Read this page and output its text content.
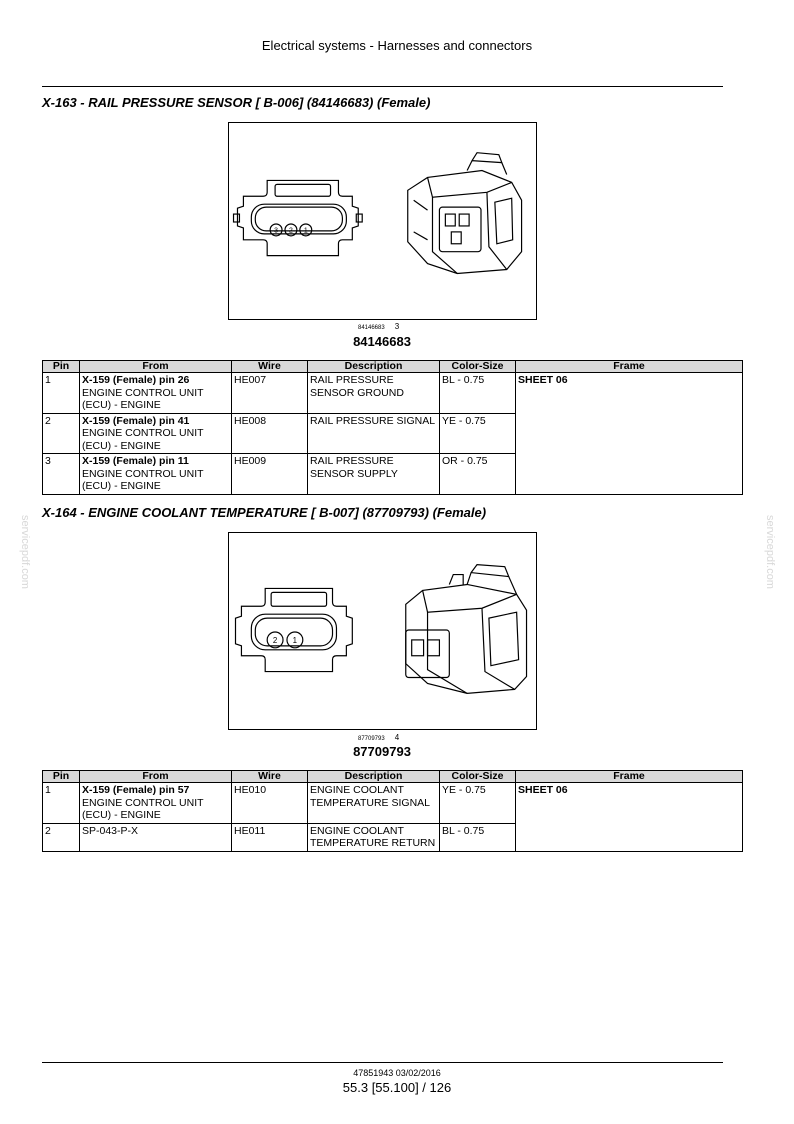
Electrical systems - Harnesses and connectors
servicepdf.com	servicepdf.com
X-163 - RAIL PRESSURE SENSOR [ B-006] (84146683) (Female)
3 2 1
84146683 3
84146683
Pin	From	Wire	Description	Color-Size	Frame
1	X-159 (Female) pin 26
ENGINE CONTROL UNIT
(ECU) - ENGINE	HE007	RAIL PRESSURE
SENSOR GROUND	BL - 0.75	SHEET 06
2	X-159 (Female) pin 41
ENGINE CONTROL UNIT
(ECU) - ENGINE	HE008	RAIL PRESSURE SIGNAL	YE - 0.75	
3	X-159 (Female) pin 11
ENGINE CONTROL UNIT
(ECU) - ENGINE	HE009	RAIL PRESSURE
SENSOR SUPPLY	OR - 0.75	
X-164 - ENGINE COOLANT TEMPERATURE [ B-007] (87709793) (Female)
2 1
87709793 4
87709793
Pin	From	Wire	Description	Color-Size	Frame
1	X-159 (Female) pin 57
ENGINE CONTROL UNIT
(ECU) - ENGINE	HE010	ENGINE COOLANT
TEMPERATURE SIGNAL	YE - 0.75	SHEET 06
2	SP-043-P-X	HE011	ENGINE COOLANT
TEMPERATURE RETURN	BL - 0.75	
47851943 03/02/2016
55.3 [55.100] / 126
